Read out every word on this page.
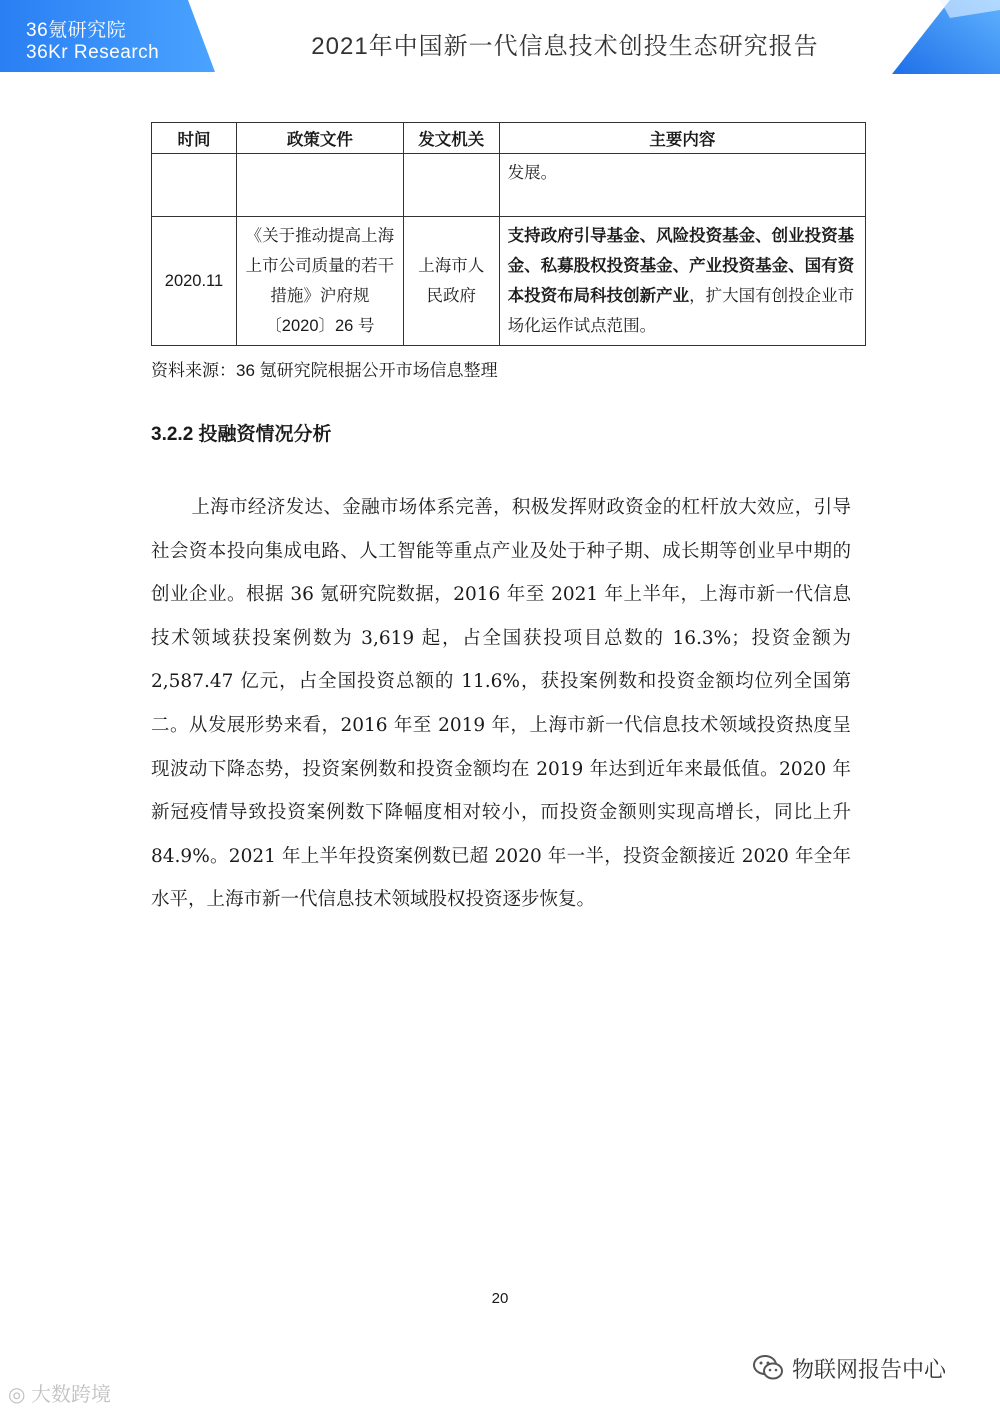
36氪研究院
36Kr Research	2021年中国新一代信息技术创投生态研究报告
时间	政策文件	发文机关	主要内容
			发展。
2020.11	《关于推动提高上海上市公司质量的若干措施》沪府规〔2020〕26 号	上海市人民政府	支持政府引导基金、风险投资基金、创业投资基金、私募股权投资基金、产业投资基金、国有资本投资布局科技创新产业，扩大国有创投企业市场化运作试点范围。
资料来源：36 氪研究院根据公开市场信息整理
3.2.2 投融资情况分析
上海市经济发达、金融市场体系完善，积极发挥财政资金的杠杆放大效应，引导社会资本投向集成电路、人工智能等重点产业及处于种子期、成长期等创业早中期的创业企业。根据 36 氪研究院数据，2016 年至 2021 年上半年，上海市新一代信息技术领域获投案例数为 3,619 起，占全国获投项目总数的 16.3%；投资金额为 2,587.47 亿元，占全国投资总额的 11.6%，获投案例数和投资金额均位列全国第二。从发展形势来看，2016 年至 2019 年，上海市新一代信息技术领域投资热度呈现波动下降态势，投资案例数和投资金额均在 2019 年达到近年来最低值。2020 年新冠疫情导致投资案例数下降幅度相对较小，而投资金额则实现高增长，同比上升 84.9%。2021 年上半年投资案例数已超 2020 年一半，投资金额接近 2020 年全年水平，上海市新一代信息技术领域股权投资逐步恢复。
20
◎ 大数跨境
物联网报告中心
